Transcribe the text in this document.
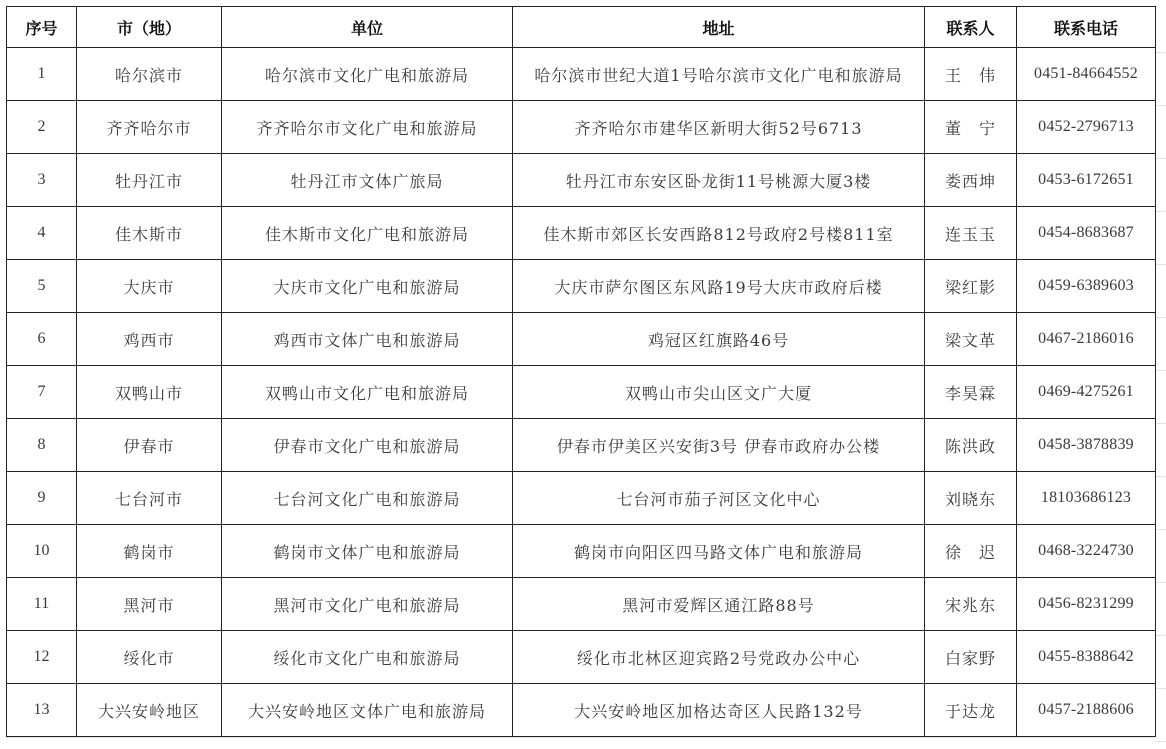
序号	市（地）	单位	地址	联系人	联系电话
1	哈尔滨市	哈尔滨市文化广电和旅游局	哈尔滨市世纪大道1号哈尔滨市文化广电和旅游局	王　伟	0451-84664552
2	齐齐哈尔市	齐齐哈尔市文化广电和旅游局	齐齐哈尔市建华区新明大街52号6713	董　宁	0452-2796713
3	牡丹江市	牡丹江市文体广旅局	牡丹江市东安区卧龙街11号桃源大厦3楼	娄西坤	0453-6172651
4	佳木斯市	佳木斯市文化广电和旅游局	佳木斯市郊区长安西路812号政府2号楼811室	连玉玉	0454-8683687
5	大庆市	大庆市文化广电和旅游局	大庆市萨尔图区东风路19号大庆市政府后楼	梁红影	0459-6389603
6	鸡西市	鸡西市文体广电和旅游局	鸡冠区红旗路46号	梁文革	0467-2186016
7	双鸭山市	双鸭山市文化广电和旅游局	双鸭山市尖山区文广大厦	李昊霖	0469-4275261
8	伊春市	伊春市文化广电和旅游局	伊春市伊美区兴安街3号 伊春市政府办公楼	陈洪政	0458-3878839
9	七台河市	七台河文化广电和旅游局	七台河市茄子河区文化中心	刘晓东	18103686123
10	鹤岗市	鹤岗市文体广电和旅游局	鹤岗市向阳区四马路文体广电和旅游局	徐　迟	0468-3224730
11	黑河市	黑河市文化广电和旅游局	黑河市爱辉区通江路88号	宋兆东	0456-8231299
12	绥化市	绥化市文化广电和旅游局	绥化市北林区迎宾路2号党政办公中心	白家野	0455-8388642
13	大兴安岭地区	大兴安岭地区文体广电和旅游局	大兴安岭地区加格达奇区人民路132号	于达龙	0457-2188606
